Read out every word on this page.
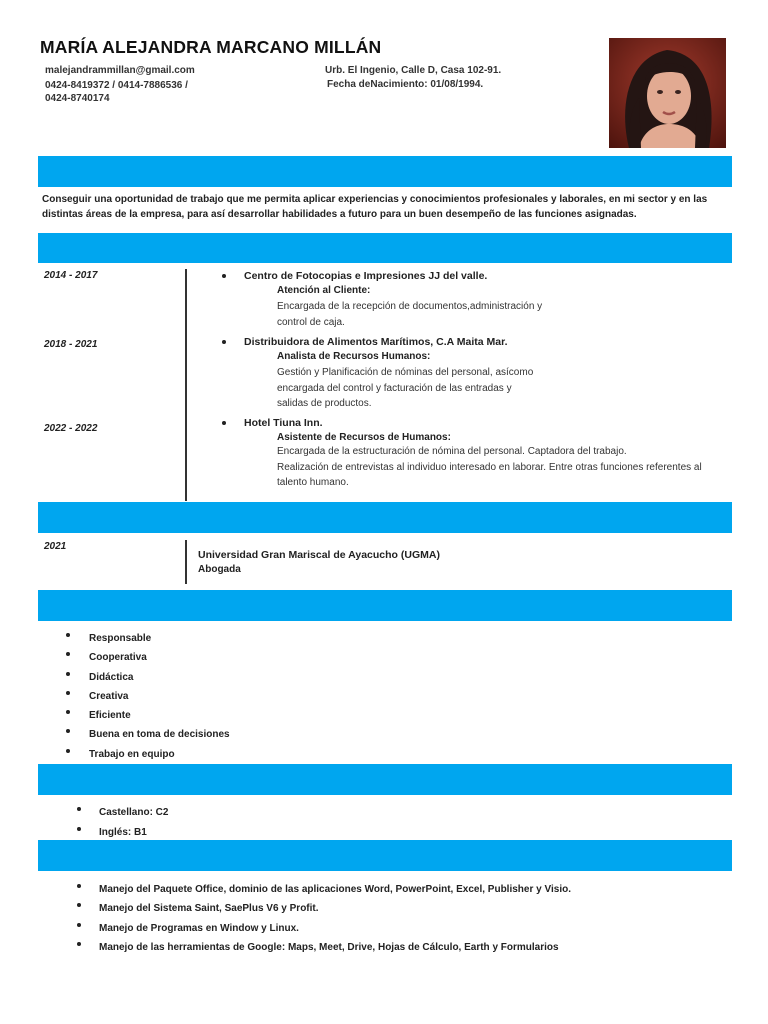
MARÍA ALEJANDRA MARCANO MILLÁN
malejandrammillan@gmail.com
0424-8419372 / 0414-7886536 /
0424-8740174
Urb. El Ingenio, Calle D, Casa 102-91.
Fecha deNacimiento: 01/08/1994.
Conseguir una oportunidad de trabajo que me permita aplicar experiencias y conocimientos profesionales y laborales, en mi sector y en las distintas áreas de la empresa, para así desarrollar habilidades a futuro para un buen desempeño de las funciones asignadas.
2014 - 2017	Centro de Fotocopias e Impresiones JJ del valle.
Atención al Cliente:
Encargada de la recepción de documentos,administración y
control de caja.
2018 - 2021	Distribuidora de Alimentos Marítimos, C.A Maita Mar.
Analista de Recursos Humanos:
Gestión y Planificación de nóminas del personal, asícomo
encargada del control y facturación de las entradas y
salidas de productos.
2022 - 2022	Hotel Tiuna Inn.
Asistente de Recursos de Humanos:
Encargada de la estructuración de nómina del personal. Captadora del trabajo.
Realización de entrevistas al individuo interesado en laborar. Entre otras funciones referentes al
talento humano.
2021
Universidad Gran Mariscal de Ayacucho (UGMA)
Abogada
Responsable
Cooperativa
Didáctica
Creativa
Eficiente
Buena en toma de decisiones
Trabajo en equipo
Castellano: C2
Inglés: B1
Manejo del Paquete Office, dominio de las aplicaciones Word, PowerPoint, Excel, Publisher y Visio.
Manejo del Sistema Saint, SaePlus V6 y Profit.
Manejo de Programas en Window y Linux.
Manejo de las herramientas de Google: Maps, Meet, Drive, Hojas de Cálculo, Earth y Formularios
